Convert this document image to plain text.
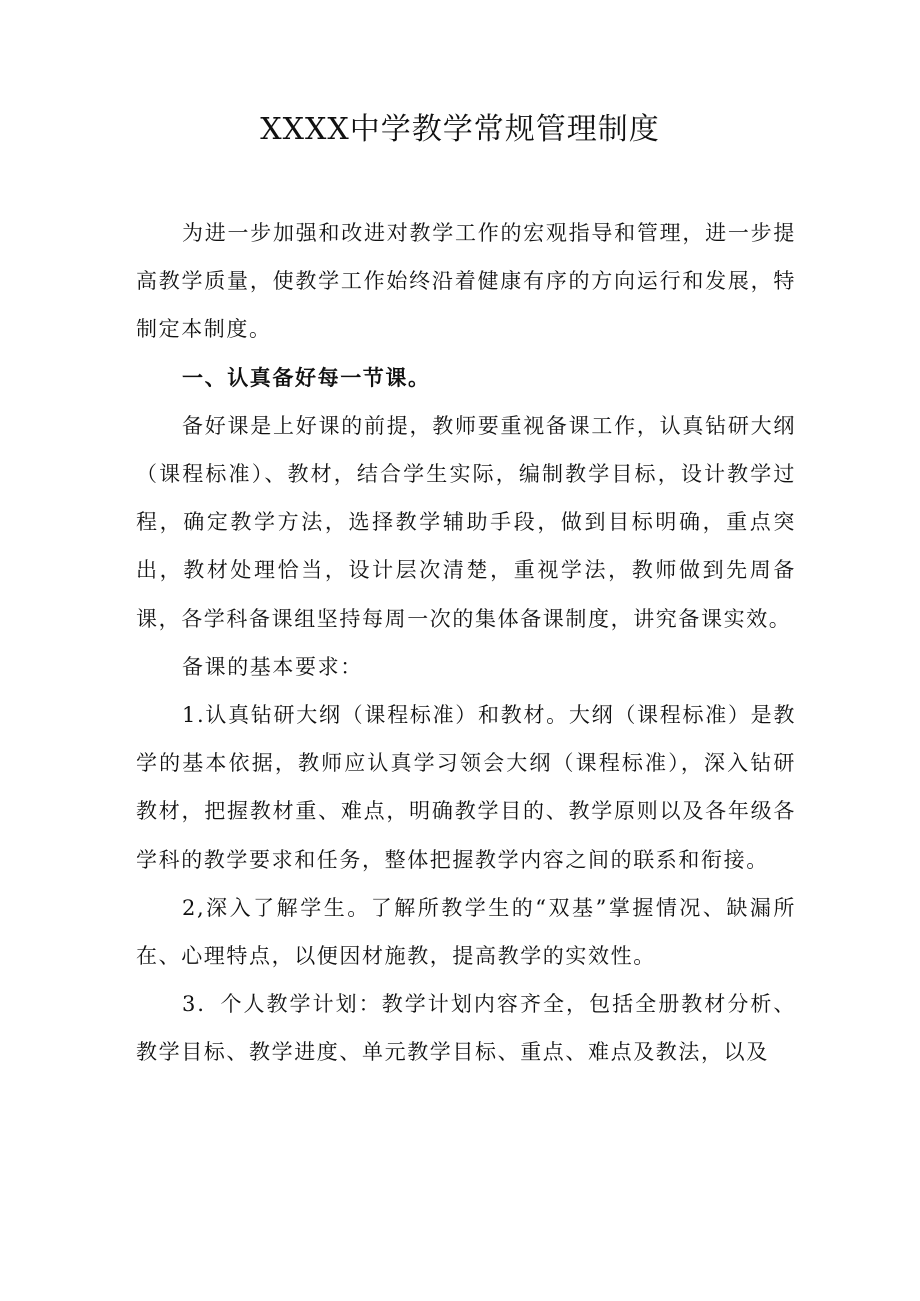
XXXX中学教学常规管理制度

为进一步加强和改进对教学工作的宏观指导和管理，进一步提高教学质量，使教学工作始终沿着健康有序的方向运行和发展，特制定本制度。

一、认真备好每一节课。

备好课是上好课的前提，教师要重视备课工作，认真钻研大纲（课程标准）、教材，结合学生实际，编制教学目标，设计教学过程，确定教学方法，选择教学辅助手段，做到目标明确，重点突出，教材处理恰当，设计层次清楚，重视学法，教师做到先周备课，各学科备课组坚持每周一次的集体备课制度，讲究备课实效。

备课的基本要求：

1.认真钻研大纲（课程标准）和教材。大纲（课程标准）是教学的基本依据，教师应认真学习领会大纲（课程标准），深入钻研教材，把握教材重、难点，明确教学目的、教学原则以及各年级各学科的教学要求和任务，整体把握教学内容之间的联系和衔接。

2,深入了解学生。了解所教学生的“双基”掌握情况、缺漏所在、心理特点，以便因材施教，提高教学的实效性。

3．个人教学计划：教学计划内容齐全，包括全册教材分析、教学目标、教学进度、单元教学目标、重点、难点及教法，以及
